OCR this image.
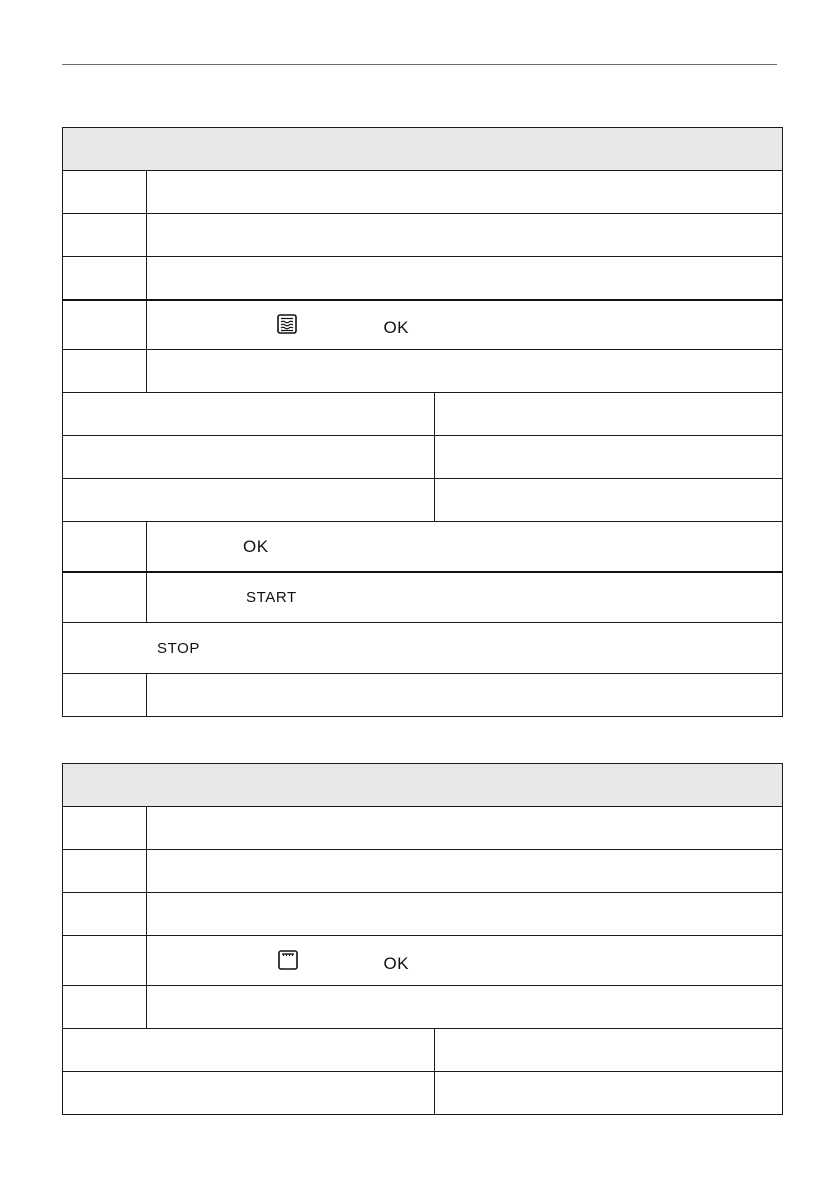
	OK	

	OK	
	START	
STOP		

	OK	
